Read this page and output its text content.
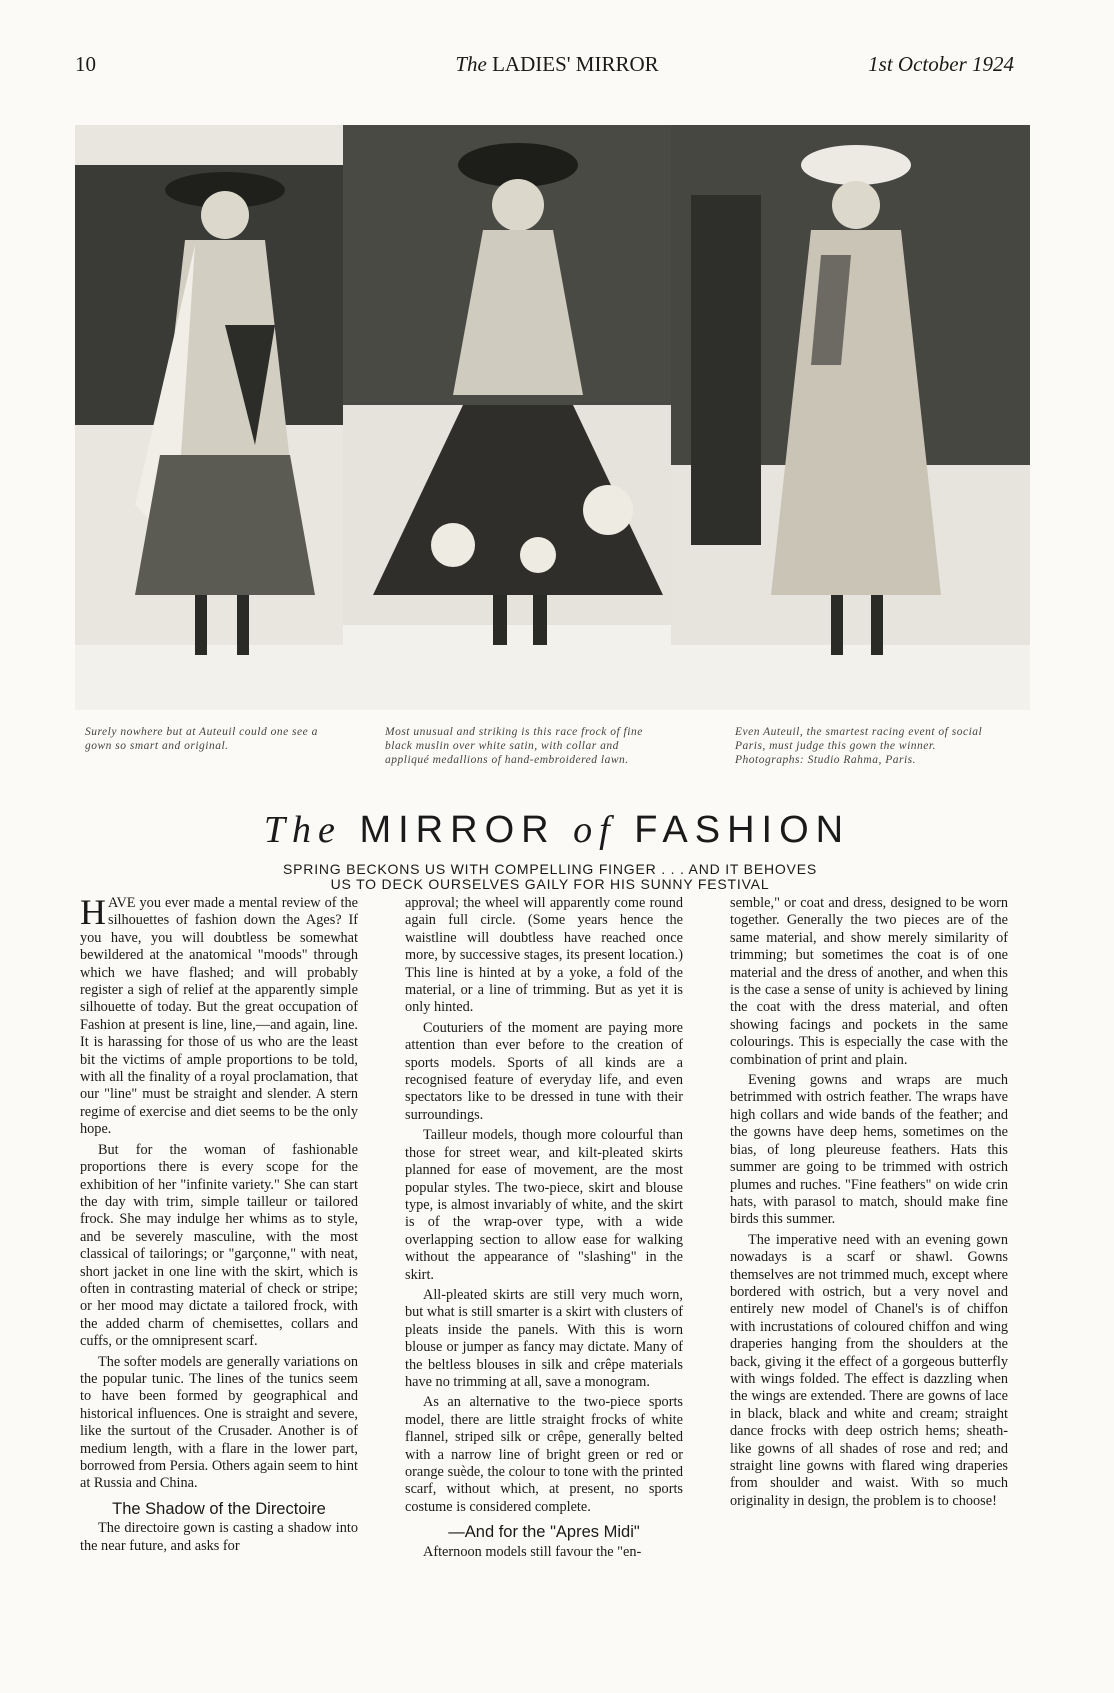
10	The LADIES' MIRROR	1st October 1924
Surely nowhere but at Auteuil could one see a gown so smart and original.
Most unusual and striking is this race frock of fine black muslin over white satin, with collar and appliqué medallions of hand-embroidered lawn.
Even Auteuil, the smartest racing event of social Paris, must judge this gown the winner.
Photographs: Studio Rahma, Paris.
The MIRROR of FASHION
SPRING BECKONS US WITH COMPELLING FINGER . . . AND IT BEHOVES
US TO DECK OURSELVES GAILY FOR HIS SUNNY FESTIVAL

HAVE you ever made a mental review of the silhouettes of fashion down the Ages? If you have, you will doubtless be somewhat bewildered at the anatomical "moods" through which we have flashed; and will probably register a sigh of relief at the apparently simple silhouette of today. But the great occupation of Fashion at present is line, line,—and again, line. It is harassing for those of us who are the least bit the victims of ample proportions to be told, with all the finality of a royal proclamation, that our "line" must be straight and slender. A stern regime of exercise and diet seems to be the only hope.

But for the woman of fashionable proportions there is every scope for the exhibition of her "infinite variety." She can start the day with trim, simple tailleur or tailored frock. She may indulge her whims as to style, and be severely masculine, with the most classical of tailorings; or "garçonne," with neat, short jacket in one line with the skirt, which is often in contrasting material of check or stripe; or her mood may dictate a tailored frock, with the added charm of chemisettes, collars and cuffs, or the omnipresent scarf.

The softer models are generally variations on the popular tunic. The lines of the tunics seem to have been formed by geographical and historical influences. One is straight and severe, like the surtout of the Crusader. Another is of medium length, with a flare in the lower part, borrowed from Persia. Others again seem to hint at Russia and China.

The Shadow of the Directoire

The directoire gown is casting a shadow into the near future, and asks for

approval; the wheel will apparently come round again full circle. (Some years hence the waistline will doubtless have reached once more, by successive stages, its present location.) This line is hinted at by a yoke, a fold of the material, or a line of trimming. But as yet it is only hinted.

Couturiers of the moment are paying more attention than ever before to the creation of sports models. Sports of all kinds are a recognised feature of everyday life, and even spectators like to be dressed in tune with their surroundings.

Tailleur models, though more colourful than those for street wear, and kilt-pleated skirts planned for ease of movement, are the most popular styles. The two-piece, skirt and blouse type, is almost invariably of white, and the skirt is of the wrap-over type, with a wide overlapping section to allow ease for walking without the appearance of "slashing" in the skirt.

All-pleated skirts are still very much worn, but what is still smarter is a skirt with clusters of pleats inside the panels. With this is worn blouse or jumper as fancy may dictate. Many of the beltless blouses in silk and crêpe materials have no trimming at all, save a monogram.

As an alternative to the two-piece sports model, there are little straight frocks of white flannel, striped silk or crêpe, generally belted with a narrow line of bright green or red or orange suède, the colour to tone with the printed scarf, without which, at present, no sports costume is considered complete.

—And for the "Apres Midi"

Afternoon models still favour the "en-

semble," or coat and dress, designed to be worn together. Generally the two pieces are of the same material, and show merely similarity of trimming; but sometimes the coat is of one material and the dress of another, and when this is the case a sense of unity is achieved by lining the coat with the dress material, and often showing facings and pockets in the same colourings. This is especially the case with the combination of print and plain.

Evening gowns and wraps are much betrimmed with ostrich feather. The wraps have high collars and wide bands of the feather; and the gowns have deep hems, sometimes on the bias, of long pleureuse feathers. Hats this summer are going to be trimmed with ostrich plumes and ruches. "Fine feathers" on wide crin hats, with parasol to match, should make fine birds this summer.

The imperative need with an evening gown nowadays is a scarf or shawl. Gowns themselves are not trimmed much, except where bordered with ostrich, but a very novel and entirely new model of Chanel's is of chiffon with incrustations of coloured chiffon and wing draperies hanging from the shoulders at the back, giving it the effect of a gorgeous butterfly with wings folded. The effect is dazzling when the wings are extended. There are gowns of lace in black, black and white and cream; straight dance frocks with deep ostrich hems; sheath-like gowns of all shades of rose and red; and straight line gowns with flared wing draperies from shoulder and waist. With so much originality in design, the problem is to choose!
